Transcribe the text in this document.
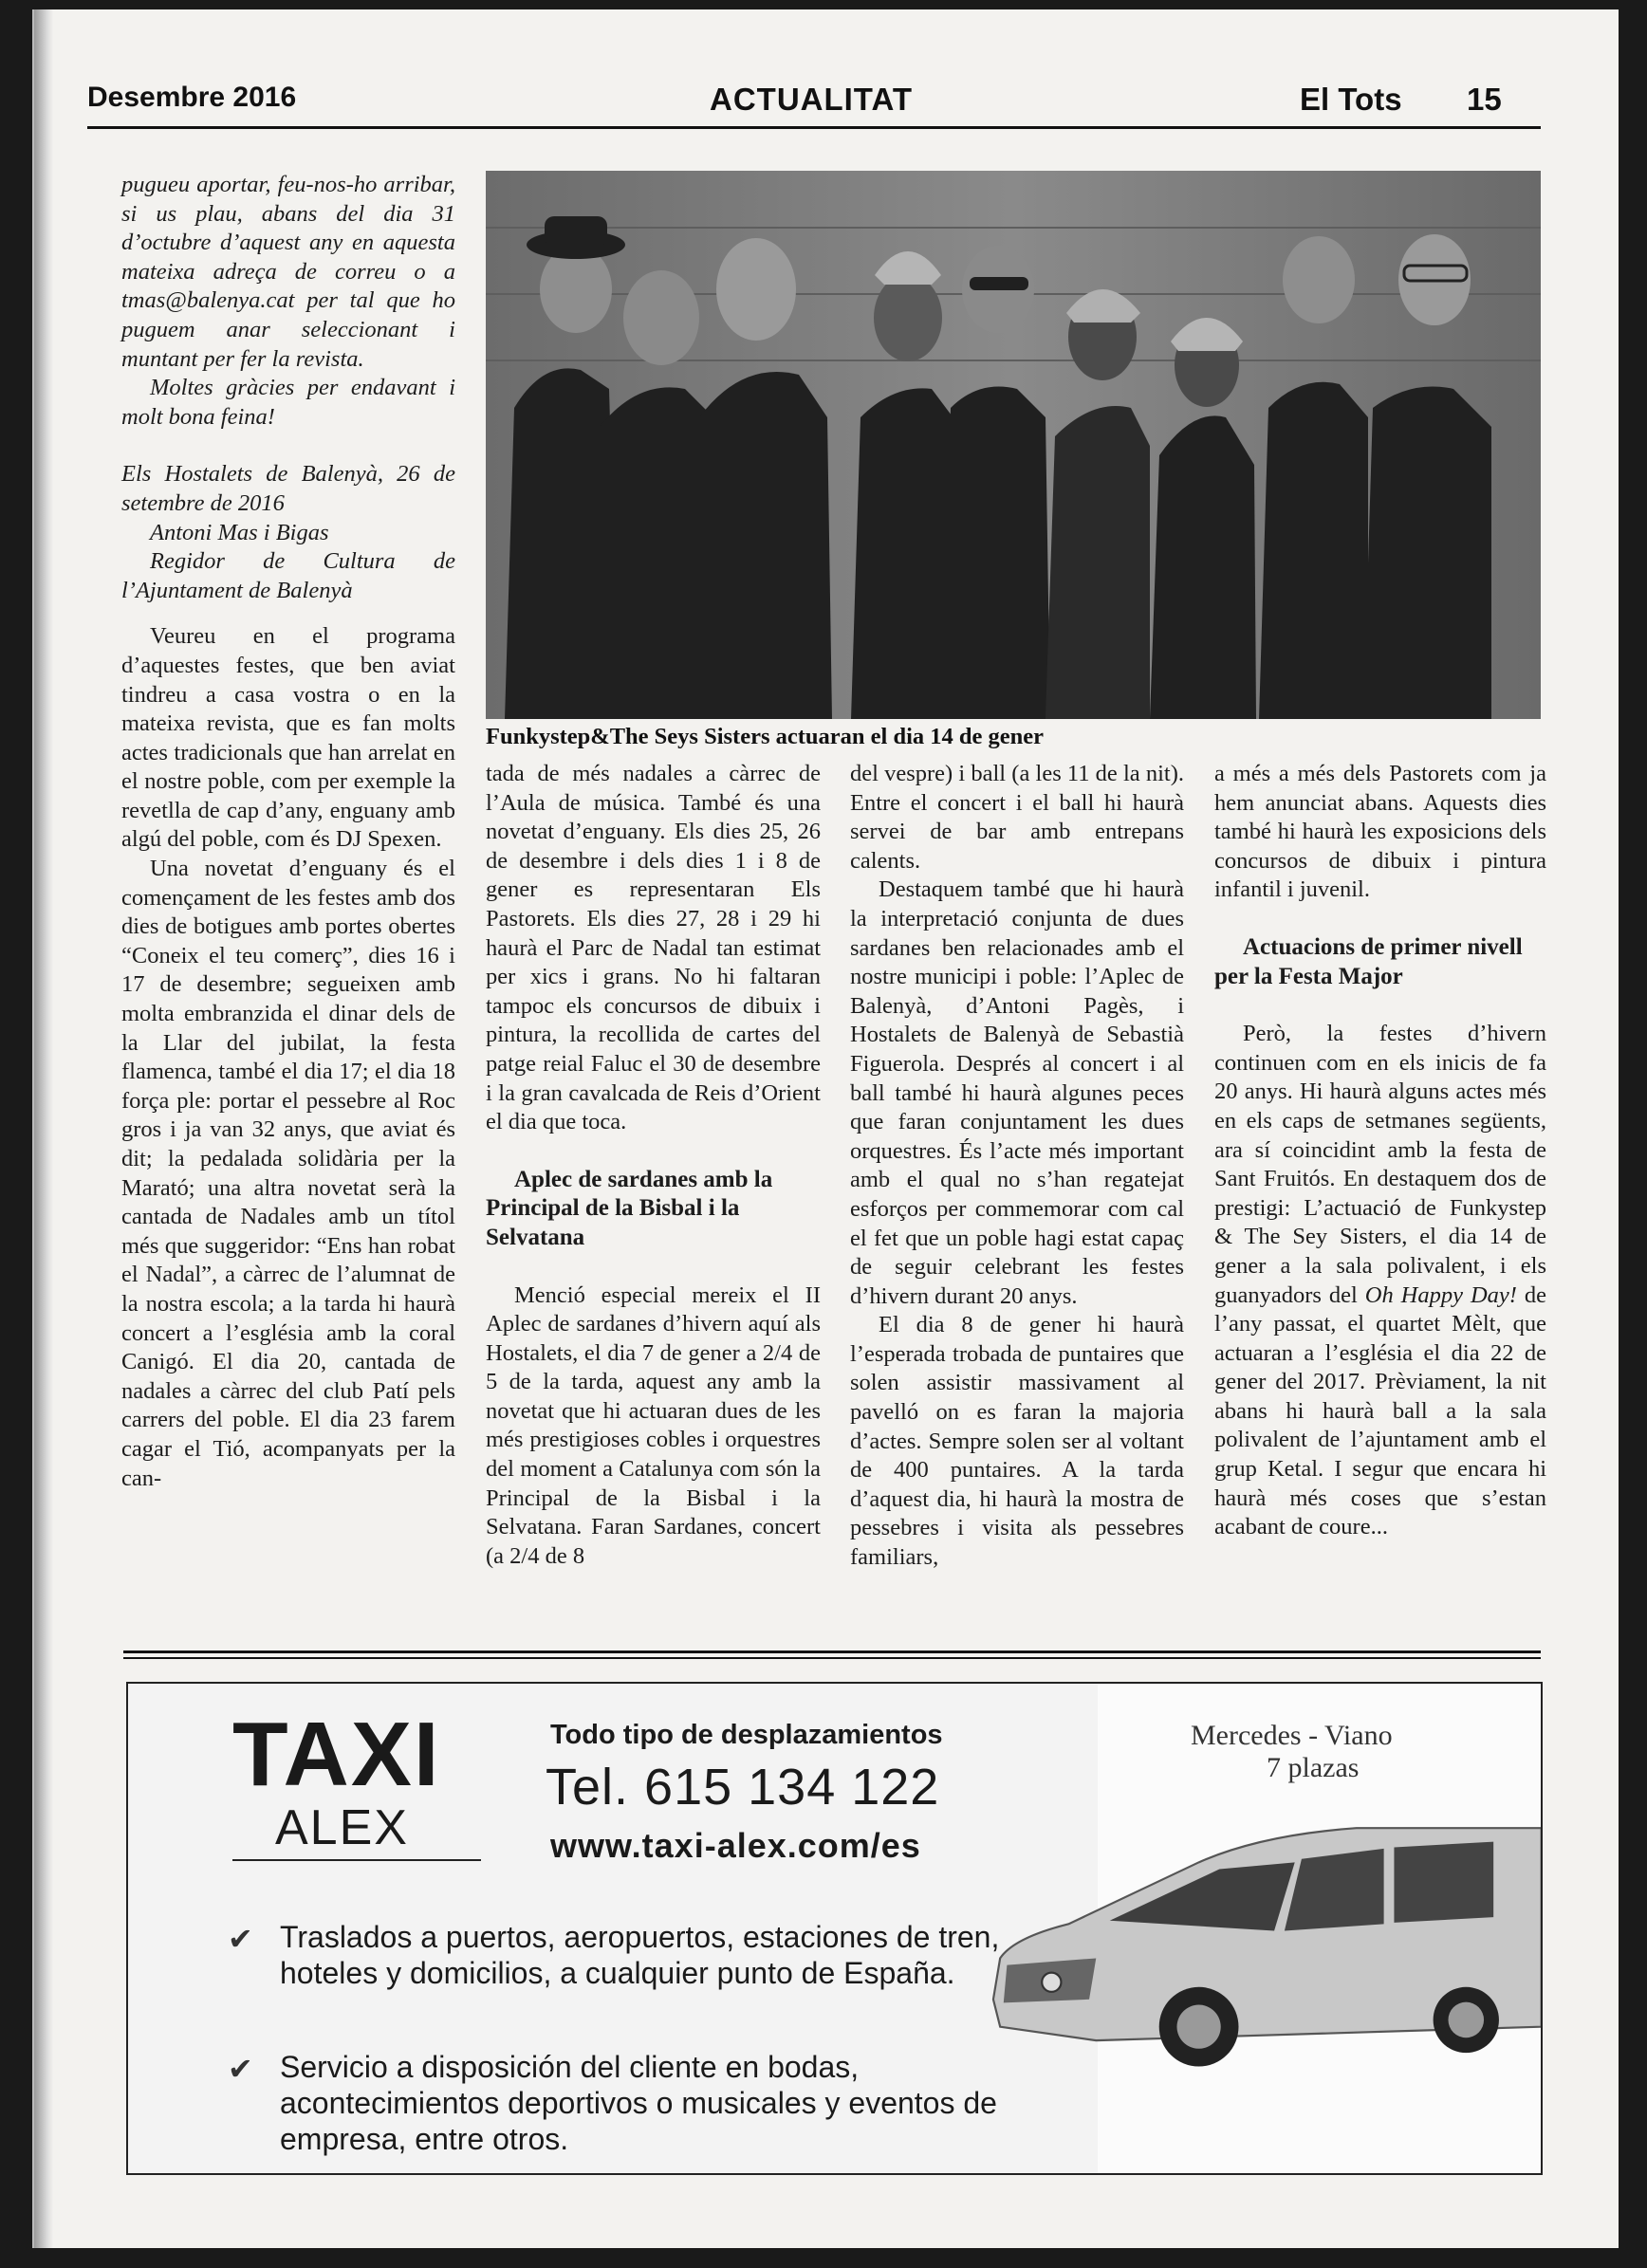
Desembre 2016	ACTUALITAT	El Tots 15

pugueu aportar, feu-nos-ho arribar, si us plau, abans del dia 31 d’octubre d’aquest any en aquesta mateixa adreça de correu o a tmas@balenya.cat per tal que ho puguem anar seleccionant i muntant per fer la revista.

Moltes gràcies per endavant i molt bona feina!

Els Hostalets de Balenyà, 26 de setembre de 2016

Antoni Mas i Bigas

Regidor de Cultura de l’Ajuntament de Balenyà

Veureu en el programa d’aquestes festes, que ben aviat tindreu a casa vostra o en la mateixa revista, que es fan molts actes tradicionals que han arrelat en el nostre poble, com per exemple la revetlla de cap d’any, enguany amb algú del poble, com és DJ Spexen.

Una novetat d’enguany és el començament de les festes amb dos dies de botigues amb portes obertes “Coneix el teu comerç”, dies 16 i 17 de desembre; segueixen amb molta embranzida el dinar dels de la Llar del jubilat, la festa flamenca, també el dia 17; el dia 18 força ple: portar el pessebre al Roc gros i ja van 32 anys, que aviat és dit; la pedalada solidària per la Marató; una altra novetat serà la cantada de Nadales amb un títol més que suggeridor: “Ens han robat el Nadal”, a càrrec de l’alumnat de la nostra escola; a la tarda hi haurà concert a l’església amb la coral Canigó. El dia 20, cantada de nadales a càrrec del club Patí pels carrers del poble. El dia 23 farem cagar el Tió, acompanyats per la can-

Funkystep&The Seys Sisters actuaran el dia 14 de gener

tada de més nadales a càrrec de l’Aula de música. També és una novetat d’enguany. Els dies 25, 26 de desembre i dels dies 1 i 8 de gener es representaran Els Pastorets. Els dies 27, 28 i 29 hi haurà el Parc de Nadal tan estimat per xics i grans. No hi faltaran tampoc els concursos de dibuix i pintura, la recollida de cartes del patge reial Faluc el 30 de desembre i la gran cavalcada de Reis d’Orient el dia que toca.

Aplec de sardanes amb la Principal de la Bisbal i la Selvatana

Menció especial mereix el II Aplec de sardanes d’hivern aquí als Hostalets, el dia 7 de gener a 2/4 de 5 de la tarda, aquest any amb la novetat que hi actuaran dues de les més prestigioses cobles i orquestres del moment a Catalunya com són la Principal de la Bisbal i la Selvatana. Faran Sardanes, concert (a 2/4 de 8

del vespre) i ball (a les 11 de la nit). Entre el concert i el ball hi haurà servei de bar amb entrepans calents.

Destaquem també que hi haurà la interpretació conjunta de dues sardanes ben relacionades amb el nostre municipi i poble: l’Aplec de Balenyà, d’Antoni Pagès, i Hostalets de Balenyà de Sebastià Figuerola. Després al concert i al ball també hi haurà algunes peces que faran conjuntament les dues orquestres. És l’acte més important amb el qual no s’han regatejat esforços per commemorar com cal el fet que un poble hagi estat capaç de seguir celebrant les festes d’hivern durant 20 anys.

El dia 8 de gener hi haurà l’esperada trobada de puntaires que solen assistir massivament al pavelló on es faran la majoria d’actes. Sempre solen ser al voltant de 400 puntaires. A la tarda d’aquest dia, hi haurà la mostra de pessebres i visita als pessebres familiars,

a més a més dels Pastorets com ja hem anunciat abans. Aquests dies també hi haurà les exposicions dels concursos de dibuix i pintura infantil i juvenil.

Actuacions de primer nivell per la Festa Major

Però, la festes d’hivern continuen com en els inicis de fa 20 anys. Hi haurà alguns actes més en els caps de setmanes següents, ara sí coincidint amb la festa de Sant Fruitós. En destaquem dos de prestigi: L’actuació de Funkystep & The Sey Sisters, el dia 14 de gener a la sala polivalent, i els guanyadors del Oh Happy Day! de l’any passat, el quartet Mèlt, que actuaran a l’església el dia 22 de gener del 2017. Prèviament, la nit abans hi haurà ball a la sala polivalent de l’ajuntament amb el grup Ketal. I segur que encara hi haurà més coses que s’estan acabant de coure...

TAXI
ALEX
Todo tipo de desplazamientos
Tel. 615 134 122
www.taxi-alex.com/es
✔ Traslados a puertos, aeropuertos, estaciones de tren, hoteles y domicilios, a cualquier punto de España.
✔ Servicio a disposición del cliente en bodas, acontecimientos deportivos o musicales y eventos de empresa, entre otros.
Mercedes - Viano
7 plazas
